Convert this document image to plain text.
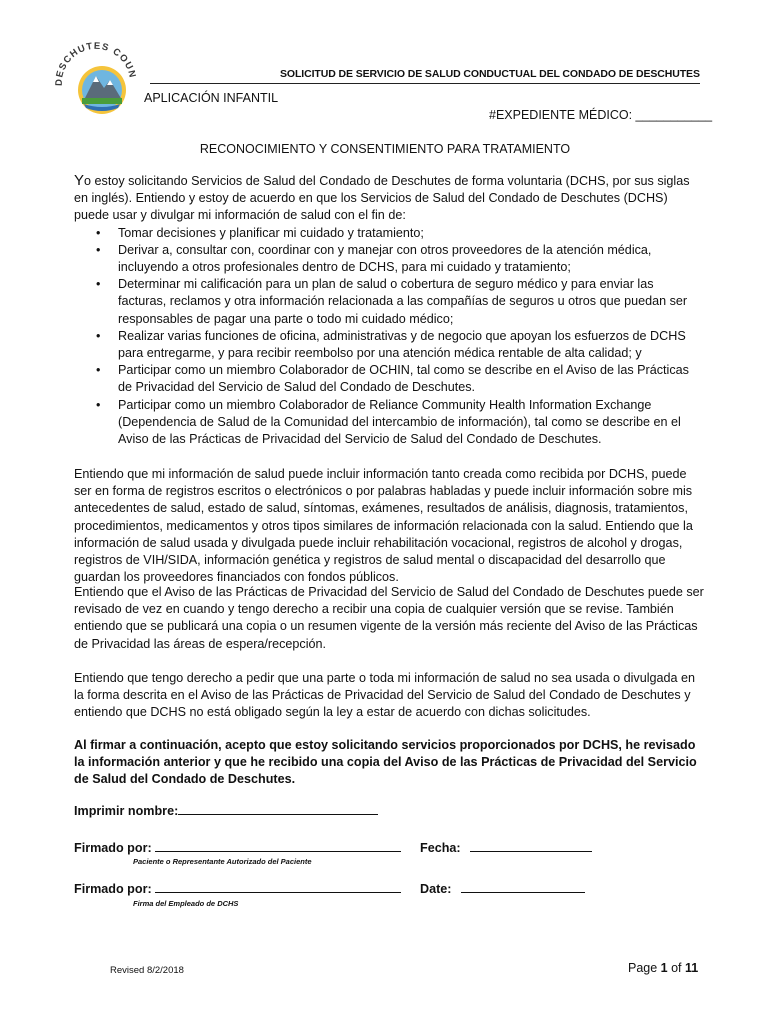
DESCHUTES COUN	SOLICITUD DE SERVICIO DE SALUD CONDUCTUAL DEL CONDADO DE DESCHUTES
APLICACIÓN INFANTIL
#EXPEDIENTE MÉDICO: ___________
RECONOCIMIENTO Y CONSENTIMIENTO PARA TRATAMIENTO

Yo estoy solicitando Servicios de Salud del Condado de Deschutes de forma voluntaria (DCHS, por sus siglas en inglés). Entiendo y estoy de acuerdo en que los Servicios de Salud del Condado de Deschutes (DCHS) puede usar y divulgar mi información de salud con el fin de:

• Tomar decisiones y planificar mi cuidado y tratamiento;
• Derivar a, consultar con, coordinar con y manejar con otros proveedores de la atención médica, incluyendo a otros profesionales dentro de DCHS, para mi cuidado y tratamiento;
• Determinar mi calificación para un plan de salud o cobertura de seguro médico y para enviar las facturas, reclamos y otra información relacionada a las compañías de seguros u otros que puedan ser responsables de pagar una parte o todo mi cuidado médico;
• Realizar varias funciones de oficina, administrativas y de negocio que apoyan los esfuerzos de DCHS para entregarme, y para recibir reembolso por una atención médica rentable de alta calidad; y
• Participar como un miembro Colaborador de OCHIN, tal como se describe en el Aviso de las Prácticas de Privacidad del Servicio de Salud del Condado de Deschutes.
• Participar como un miembro Colaborador de Reliance Community Health Information Exchange (Dependencia de Salud de la Comunidad del intercambio de información), tal como se describe en el Aviso de las Prácticas de Privacidad del Servicio de Salud del Condado de Deschutes.

Entiendo que mi información de salud puede incluir información tanto creada como recibida por DCHS, puede ser en forma de registros escritos o electrónicos o por palabras habladas y puede incluir información sobre mis antecedentes de salud, estado de salud, síntomas, exámenes, resultados de análisis, diagnosis, tratamientos, procedimientos, medicamentos y otros tipos similares de información relacionada con la salud. Entiendo que la información de salud usada y divulgada puede incluir rehabilitación vocacional, registros de alcohol y drogas, registros de VIH/SIDA, información genética y registros de salud mental o discapacidad del desarrollo que guardan los proveedores financiados con fondos públicos.

Entiendo que el Aviso de las Prácticas de Privacidad del Servicio de Salud del Condado de Deschutes puede ser revisado de vez en cuando y tengo derecho a recibir una copia de cualquier versión que se revise. También entiendo que se publicará una copia o un resumen vigente de la versión más reciente del Aviso de las Prácticas de Privacidad las áreas de espera/recepción.

Entiendo que tengo derecho a pedir que una parte o toda mi información de salud no sea usada o divulgada en la forma descrita en el Aviso de las Prácticas de Privacidad del Servicio de Salud del Condado de Deschutes y entiendo que DCHS no está obligado según la ley a estar de acuerdo con dichas solicitudes.

Al firmar a continuación, acepto que estoy solicitando servicios proporcionados por DCHS, he revisado la información anterior y que he recibido una copia del Aviso de las Prácticas de Privacidad del Servicio de Salud del Condado de Deschutes.

Imprimir nombre:
Firmado por:
Paciente o Representante Autorizado del Paciente
Fecha:
Firmado por:
Firma del Empleado de DCHS
Date:
Revised 8/2/2018	Page 1 of 11
